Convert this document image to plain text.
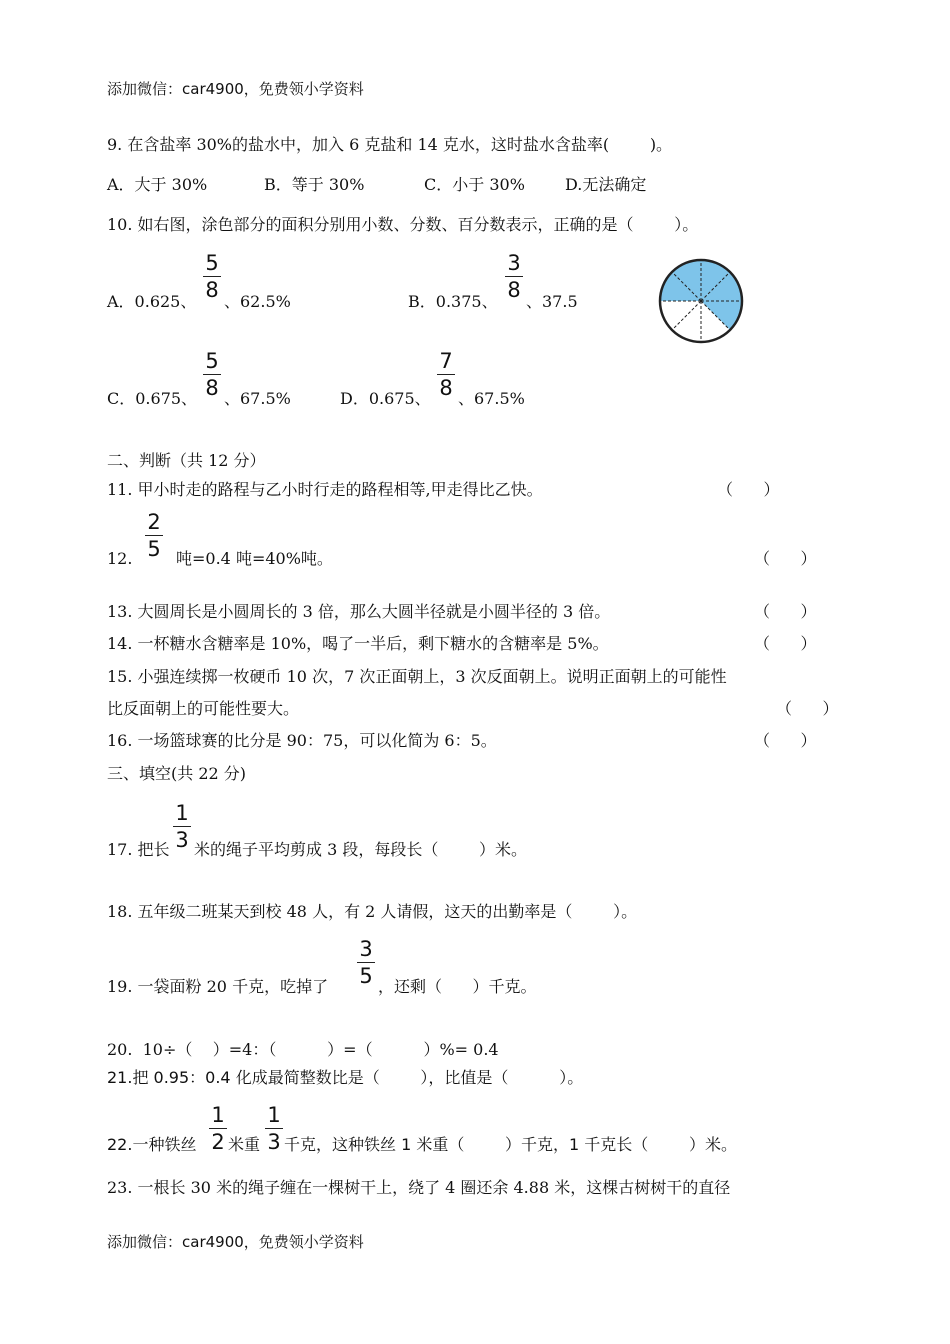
添加微信：car4900，免费领小学资料
9. 在含盐率 30%的盐水中，加入 6 克盐和 14 克水，这时盐水含盐率(        )。
A．大于 30%	B．等于 30%	C．小于 30%	D.无法确定
10. 如右图，涂色部分的面积分别用小数、分数、百分数表示，正确的是（        ）。
A．0.625、
5
8 、62.5%	B．0.375、
3
8 、37.5
C．0.675、
5
8 、67.5%	D．0.675、
7
8 、67.5%
二、判断（共 12 分）
11. 甲小时走的路程与乙小时行走的路程相等,甲走得比乙快。	（      ）
12.
2
5 吨=0.4 吨=40%吨。	（      ）
13. 大圆周长是小圆周长的 3 倍，那么大圆半径就是小圆半径的 3 倍。	（      ）
14. 一杯糖水含糖率是 10%，喝了一半后，剩下糖水的含糖率是 5%。	（      ）
15. 小强连续掷一枚硬币 10 次，7 次正面朝上，3 次反面朝上。说明正面朝上的可能性
比反面朝上的可能性要大。	（      ）
16. 一场篮球赛的比分是 90：75，可以化简为 6：5。	（      ）
三、填空(共 22 分)
17. 把长
1
3 米的绳子平均剪成 3 段，每段长（        ）米。
18. 五年级二班某天到校 48 人，有 2 人请假，这天的出勤率是（        ）。
19. 一袋面粉 20 千克，吃掉了
3
5 ，还剩（      ）千克。
20.  10÷（    ）=4：（          ）=（          ）%= 0.4
21.把 0.95：0.4 化成最简整数比是（        ），比值是（          ）。
22.一种铁丝
1
2 米重
1
3 千克，这种铁丝 1 米重（        ）千克，1 千克长（        ）米。
23. 一根长 30 米的绳子缠在一棵树干上，绕了 4 圈还余 4.88 米，这棵古树树干的直径
添加微信：car4900，免费领小学资料
